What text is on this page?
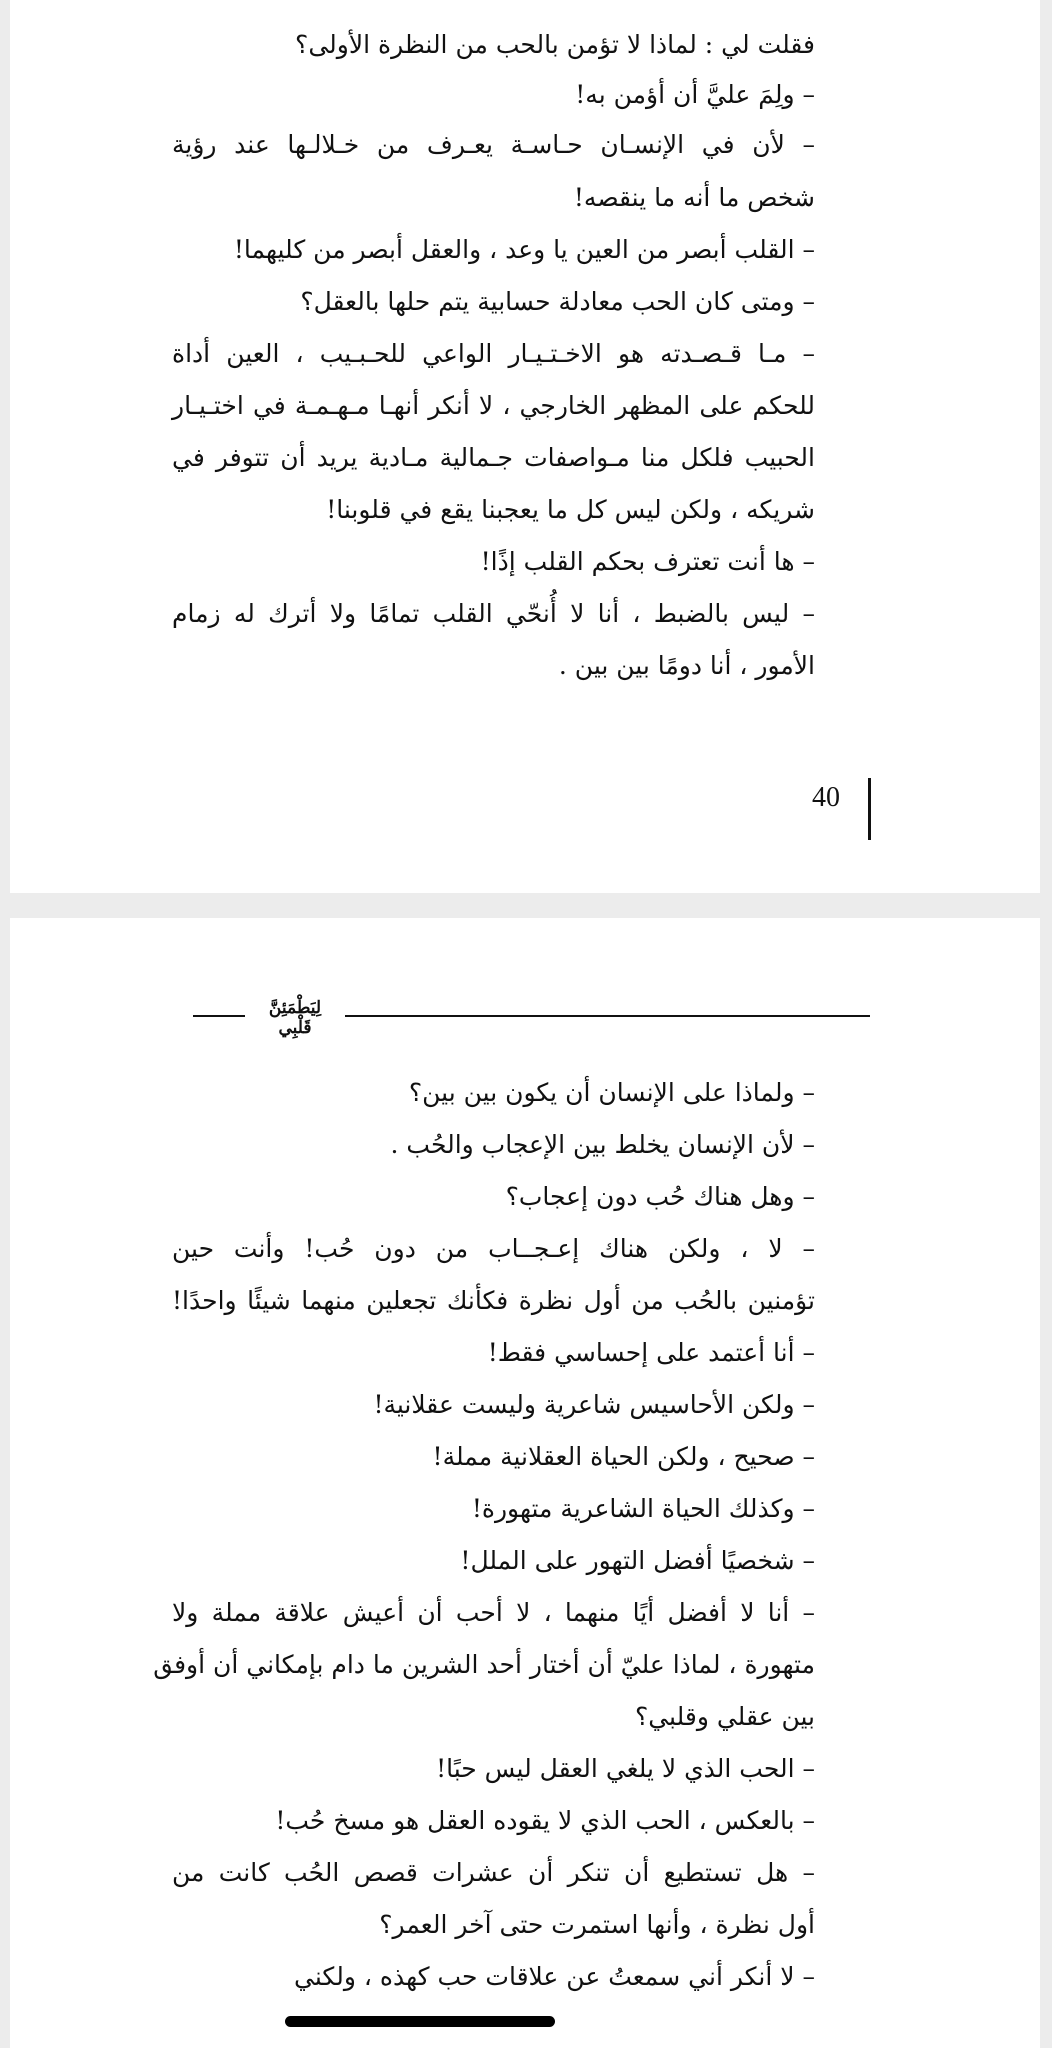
فقلت لي : لماذا لا تؤمن بالحب من النظرة الأولى؟
– ولِمَ عليَّ أن أؤمن به!
– لأن في الإنسـان حـاسـة يعـرف من خـلالـها عند رؤية
شخص ما أنه ما ينقصه!
– القلب أبصر من العين يا وعد ، والعقل أبصر من كليهما!
– ومتى كان الحب معادلة حسابية يتم حلها بالعقل؟
– مـا قـصـدته هو الاخـتـيـار الواعي للحـبـيب ، العين أداة
للحكم على المظهر الخارجي ، لا أنكر أنهـا مـهـمـة في اختـيـار
الحبيب فلكل منا مـواصفات جـمالية مـادية يريد أن تتوفر في
شريكه ، ولكن ليس كل ما يعجبنا يقع في قلوبنا!
– ها أنت تعترف بحكم القلب إذًا!
– ليس بالضبط ، أنا لا أُنحّي القلب تمامًا ولا أترك له زمام
الأمور ، أنا دومًا بين بين .
40
لِيَطْمَئِنَّ قَلْبِي
– ولماذا على الإنسان أن يكون بين بين؟
– لأن الإنسان يخلط بين الإعجاب والحُب .
– وهل هناك حُب دون إعجاب؟
– لا ، ولكن هناك إعـجــاب من دون حُب! وأنت حين
تؤمنين بالحُب من أول نظرة فكأنك تجعلين منهما شيئًا واحدًا!
– أنا أعتمد على إحساسي فقط!
– ولكن الأحاسيس شاعرية وليست عقلانية!
– صحيح ، ولكن الحياة العقلانية مملة!
– وكذلك الحياة الشاعرية متهورة!
– شخصيًا أفضل التهور على الملل!
– أنا لا أفضل أيًا منهما ، لا أحب أن أعيش علاقة مملة ولا
متهورة ، لماذا عليّ أن أختار أحد الشرين ما دام بإمكاني أن أوفق
بين عقلي وقلبي؟
– الحب الذي لا يلغي العقل ليس حبًا!
– بالعكس ، الحب الذي لا يقوده العقل هو مسخ حُب!
– هل تستطيع أن تنكر أن عشرات قصص الحُب كانت من
أول نظرة ، وأنها استمرت حتى آخر العمر؟
– لا أنكر أني سمعتُ عن علاقات حب كهذه ، ولكني
